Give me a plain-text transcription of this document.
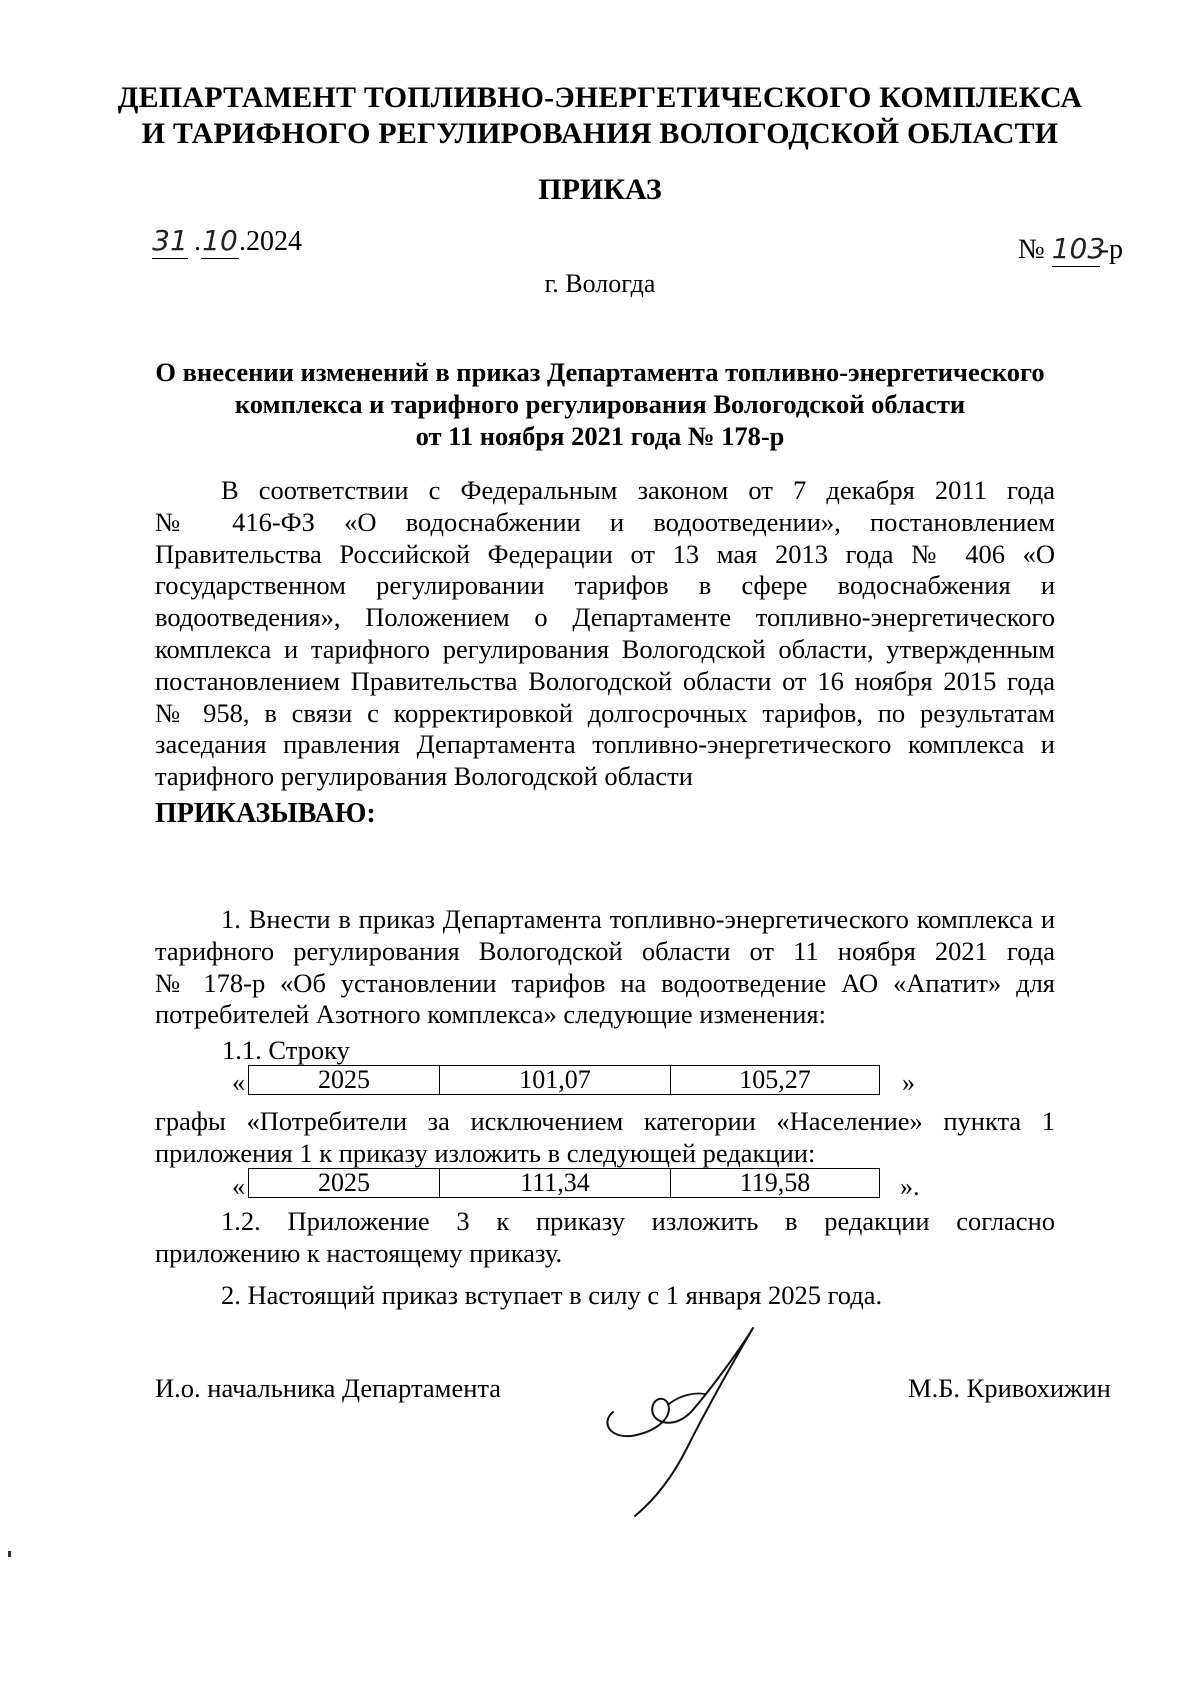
ДЕПАРТАМЕНТ ТОПЛИВНО-ЭНЕРГЕТИЧЕСКОГО КОМПЛЕКСА
И ТАРИФНОГО РЕГУЛИРОВАНИЯ ВОЛОГОДСКОЙ ОБЛАСТИ
ПРИКАЗ
31 .10.2024	№ 103-р
г. Вологда
О внесении изменений в приказ Департамента топливно-энергетического
комплекса и тарифного регулирования Вологодской области
от 11 ноября 2021 года № 178-р
В соответствии с Федеральным законом от 7 декабря 2011 года
№ 416-ФЗ «О водоснабжении и водоотведении», постановлением
Правительства Российской Федерации от 13 мая 2013 года № 406 «О
государственном регулировании тарифов в сфере водоснабжения и
водоотведения», Положением о Департаменте топливно-энергетического
комплекса и тарифного регулирования Вологодской области, утвержденным
постановлением Правительства Вологодской области от 16 ноября 2015 года
№ 958, в связи с корректировкой долгосрочных тарифов, по результатам
заседания правления Департамента топливно-энергетического комплекса и
тарифного регулирования Вологодской области
ПРИКАЗЫВАЮ:
1. Внести в приказ Департамента топливно-энергетического комплекса и
тарифного регулирования Вологодской области от 11 ноября 2021 года
№ 178-р «Об установлении тарифов на водоотведение АО «Апатит» для
потребителей Азотного комплекса» следующие изменения:
1.1. Строку
«	2025	101,07	105,27	»
графы «Потребители за исключением категории «Население» пункта 1
приложения 1 к приказу изложить в следующей редакции:
«	2025	111,34	119,58	».
1.2. Приложение 3 к приказу изложить в редакции согласно
приложению к настоящему приказу.
2. Настоящий приказ вступает в силу с 1 января 2025 года.
И.о. начальника Департамента	М.Б. Кривохижин
